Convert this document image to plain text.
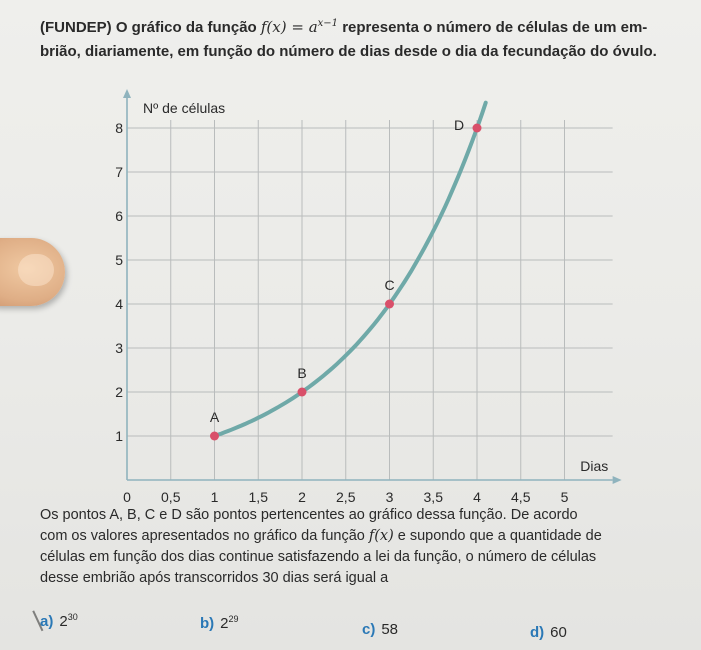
(FUNDEP) O gráfico da função $f(x) = a^{x-1}$ representa o número de células de um em-
brião, diariamente, em função do número de dias desde o dia da fecundação do óvulo.
0 0,5 1 1,5 2 2,5 3 3,5 4 4,5 5
1
2
3
4
5
6
7
8
Nº de células
Dias
A
B
C
D

Os pontos A, B, C e D são pontos pertencentes ao gráfico dessa função. De acordo

com os valores apresentados no gráfico da função f(x) e supondo que a quantidade de

células em função dos dias continue satisfazendo a lei da função, o número de células

desse embrião após transcorridos 30 dias será igual a

a) $2^{30}$	b) $2^{29}$
c) 58	d) 60
